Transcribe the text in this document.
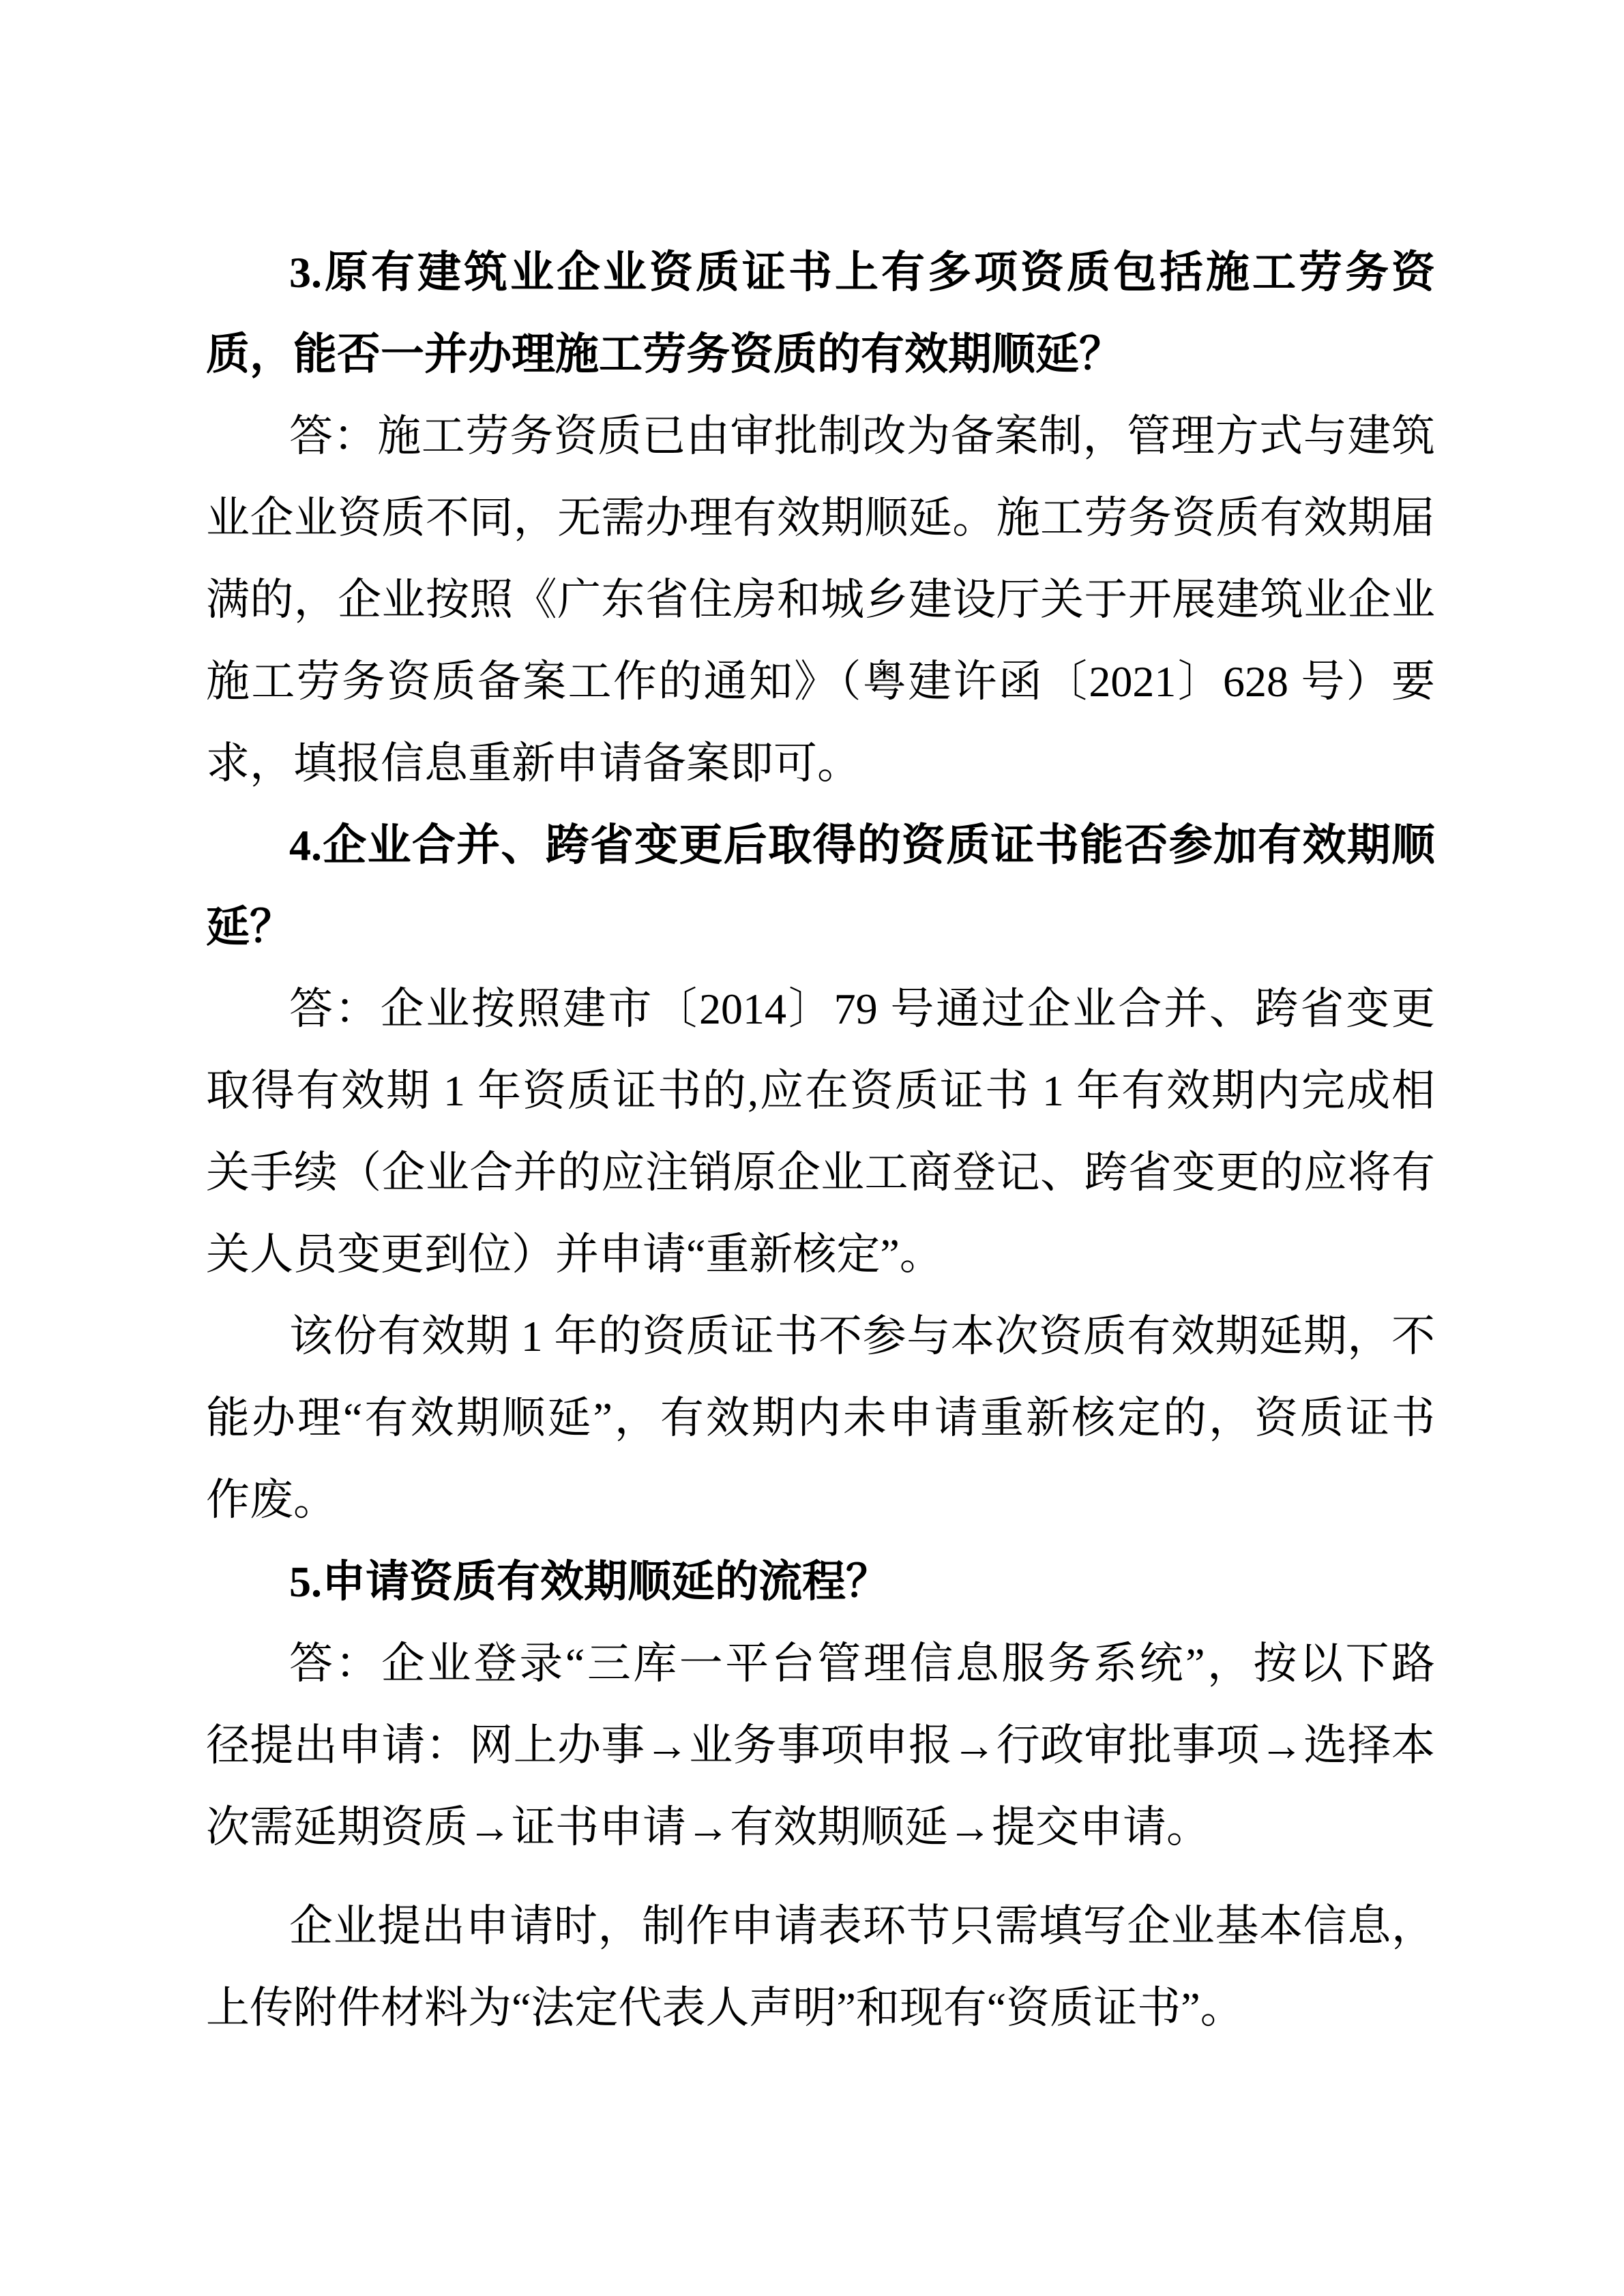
3.原有建筑业企业资质证书上有多项资质包括施工劳务资
质，能否一并办理施工劳务资质的有效期顺延？
答：施工劳务资质已由审批制改为备案制，管理方式与建筑
业企业资质不同，无需办理有效期顺延。施工劳务资质有效期届
满的，企业按照《广东省住房和城乡建设厅关于开展建筑业企业
施工劳务资质备案工作的通知》（粤建许函〔2021〕628 号）要
求，填报信息重新申请备案即可。
4.企业合并、跨省变更后取得的资质证书能否参加有效期顺
延？
答：企业按照建市〔2014〕79 号通过企业合并、跨省变更
取得有效期 1 年资质证书的,应在资质证书 1 年有效期内完成相
关手续（企业合并的应注销原企业工商登记、跨省变更的应将有
关人员变更到位）并申请“重新核定”。
该份有效期 1 年的资质证书不参与本次资质有效期延期，不
能办理“有效期顺延”，有效期内未申请重新核定的，资质证书
作废。
5.申请资质有效期顺延的流程？
答：企业登录“三库一平台管理信息服务系统”，按以下路
径提出申请：网上办事→业务事项申报→行政审批事项→选择本
次需延期资质→证书申请→有效期顺延→提交申请。
企业提出申请时，制作申请表环节只需填写企业基本信息，
上传附件材料为“法定代表人声明”和现有“资质证书”。
